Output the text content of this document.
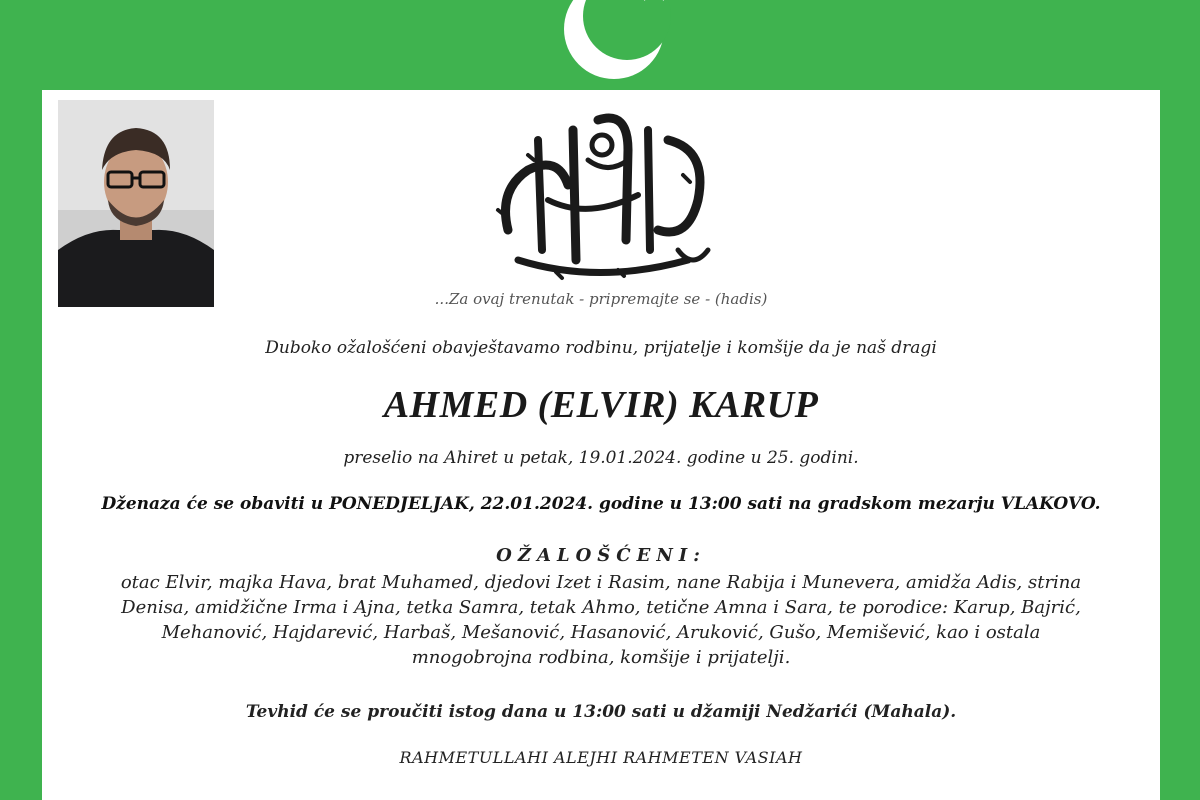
...Za ovaj trenutak - pripremajte se - (hadis)
Duboko ožalošćeni obavještavamo rodbinu, prijatelje i komšije da je naš dragi
AHMED (ELVIR) KARUP
preselio na Ahiret u petak, 19.01.2024. godine u 25. godini.
Dženaza će se obaviti u PONEDJELJAK, 22.01.2024. godine u 13:00 sati na gradskom mezarju VLAKOVO.
OŽALOŠĆENI:
otac Elvir, majka Hava, brat Muhamed, djedovi Izet i Rasim, nane Rabija i Munevera, amidža Adis, strina Denisa, amidžične Irma i Ajna, tetka Samra, tetak Ahmo, tetične Amna i Sara, te porodice: Karup, Bajrić, Mehanović, Hajdarević, Harbaš, Mešanović, Hasanović, Aruković, Gušo, Memišević, kao i ostala mnogobrojna rodbina, komšije i prijatelji.
Tevhid će se proučiti istog dana u 13:00 sati u džamiji Nedžarići (Mahala).
RAHMETULLAHI ALEJHI RAHMETEN VASIAH
